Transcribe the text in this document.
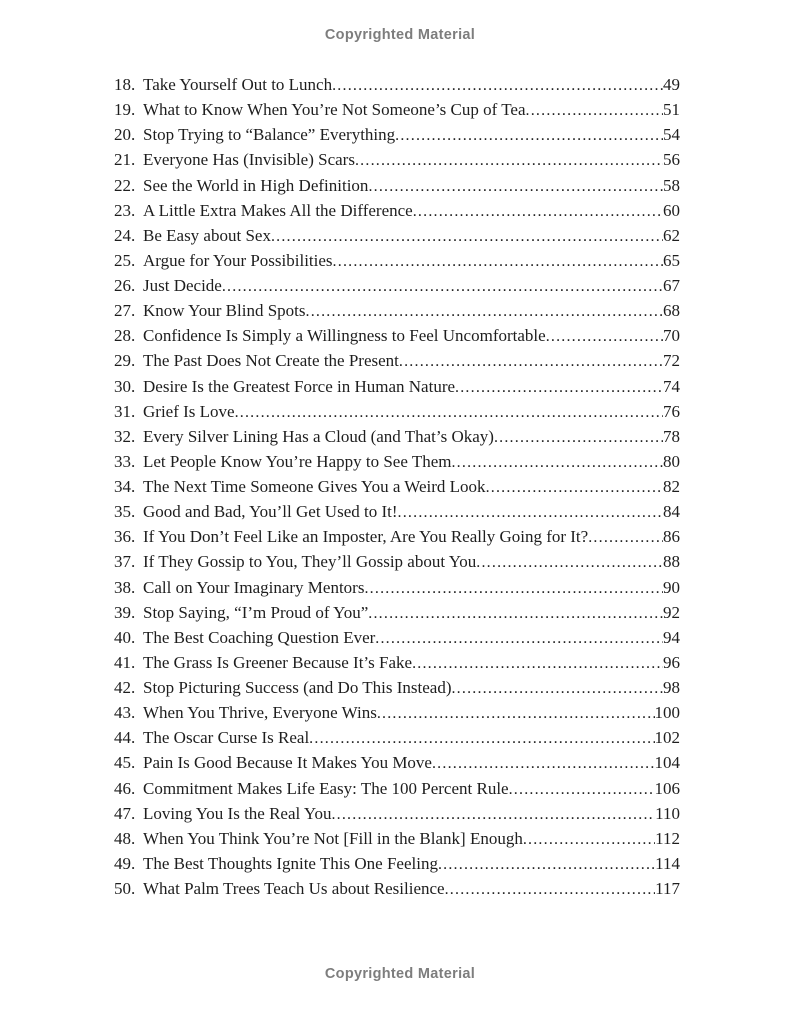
Copyrighted Material
18. Take Yourself Out to Lunch .....	49
19. What to Know When You’re Not Someone’s Cup of Tea .....	51
20. Stop Trying to “Balance” Everything .....	54
21. Everyone Has (Invisible) Scars .....	56
22. See the World in High Definition .....	58
23. A Little Extra Makes All the Difference .....	60
24. Be Easy about Sex .....	62
25. Argue for Your Possibilities .....	65
26. Just Decide .....	67
27. Know Your Blind Spots .....	68
28. Confidence Is Simply a Willingness to Feel Uncomfortable .....	70
29. The Past Does Not Create the Present .....	72
30. Desire Is the Greatest Force in Human Nature .....	74
31. Grief Is Love .....	76
32. Every Silver Lining Has a Cloud (and That’s Okay) .....	78
33. Let People Know You’re Happy to See Them .....	80
34. The Next Time Someone Gives You a Weird Look .....	82
35. Good and Bad, You’ll Get Used to It! .....	84
36. If You Don’t Feel Like an Imposter, Are You Really Going for It? .....	86
37. If They Gossip to You, They’ll Gossip about You .....	88
38. Call on Your Imaginary Mentors .....	90
39. Stop Saying, “I’m Proud of You” .....	92
40. The Best Coaching Question Ever .....	94
41. The Grass Is Greener Because It’s Fake .....	96
42. Stop Picturing Success (and Do This Instead) .....	98
43. When You Thrive, Everyone Wins .....	100
44. The Oscar Curse Is Real .....	102
45. Pain Is Good Because It Makes You Move .....	104
46. Commitment Makes Life Easy: The 100 Percent Rule .....	106
47. Loving You Is the Real You .....	110
48. When You Think You’re Not [Fill in the Blank] Enough .....	112
49. The Best Thoughts Ignite This One Feeling .....	114
50. What Palm Trees Teach Us about Resilience .....	117
Copyrighted Material
